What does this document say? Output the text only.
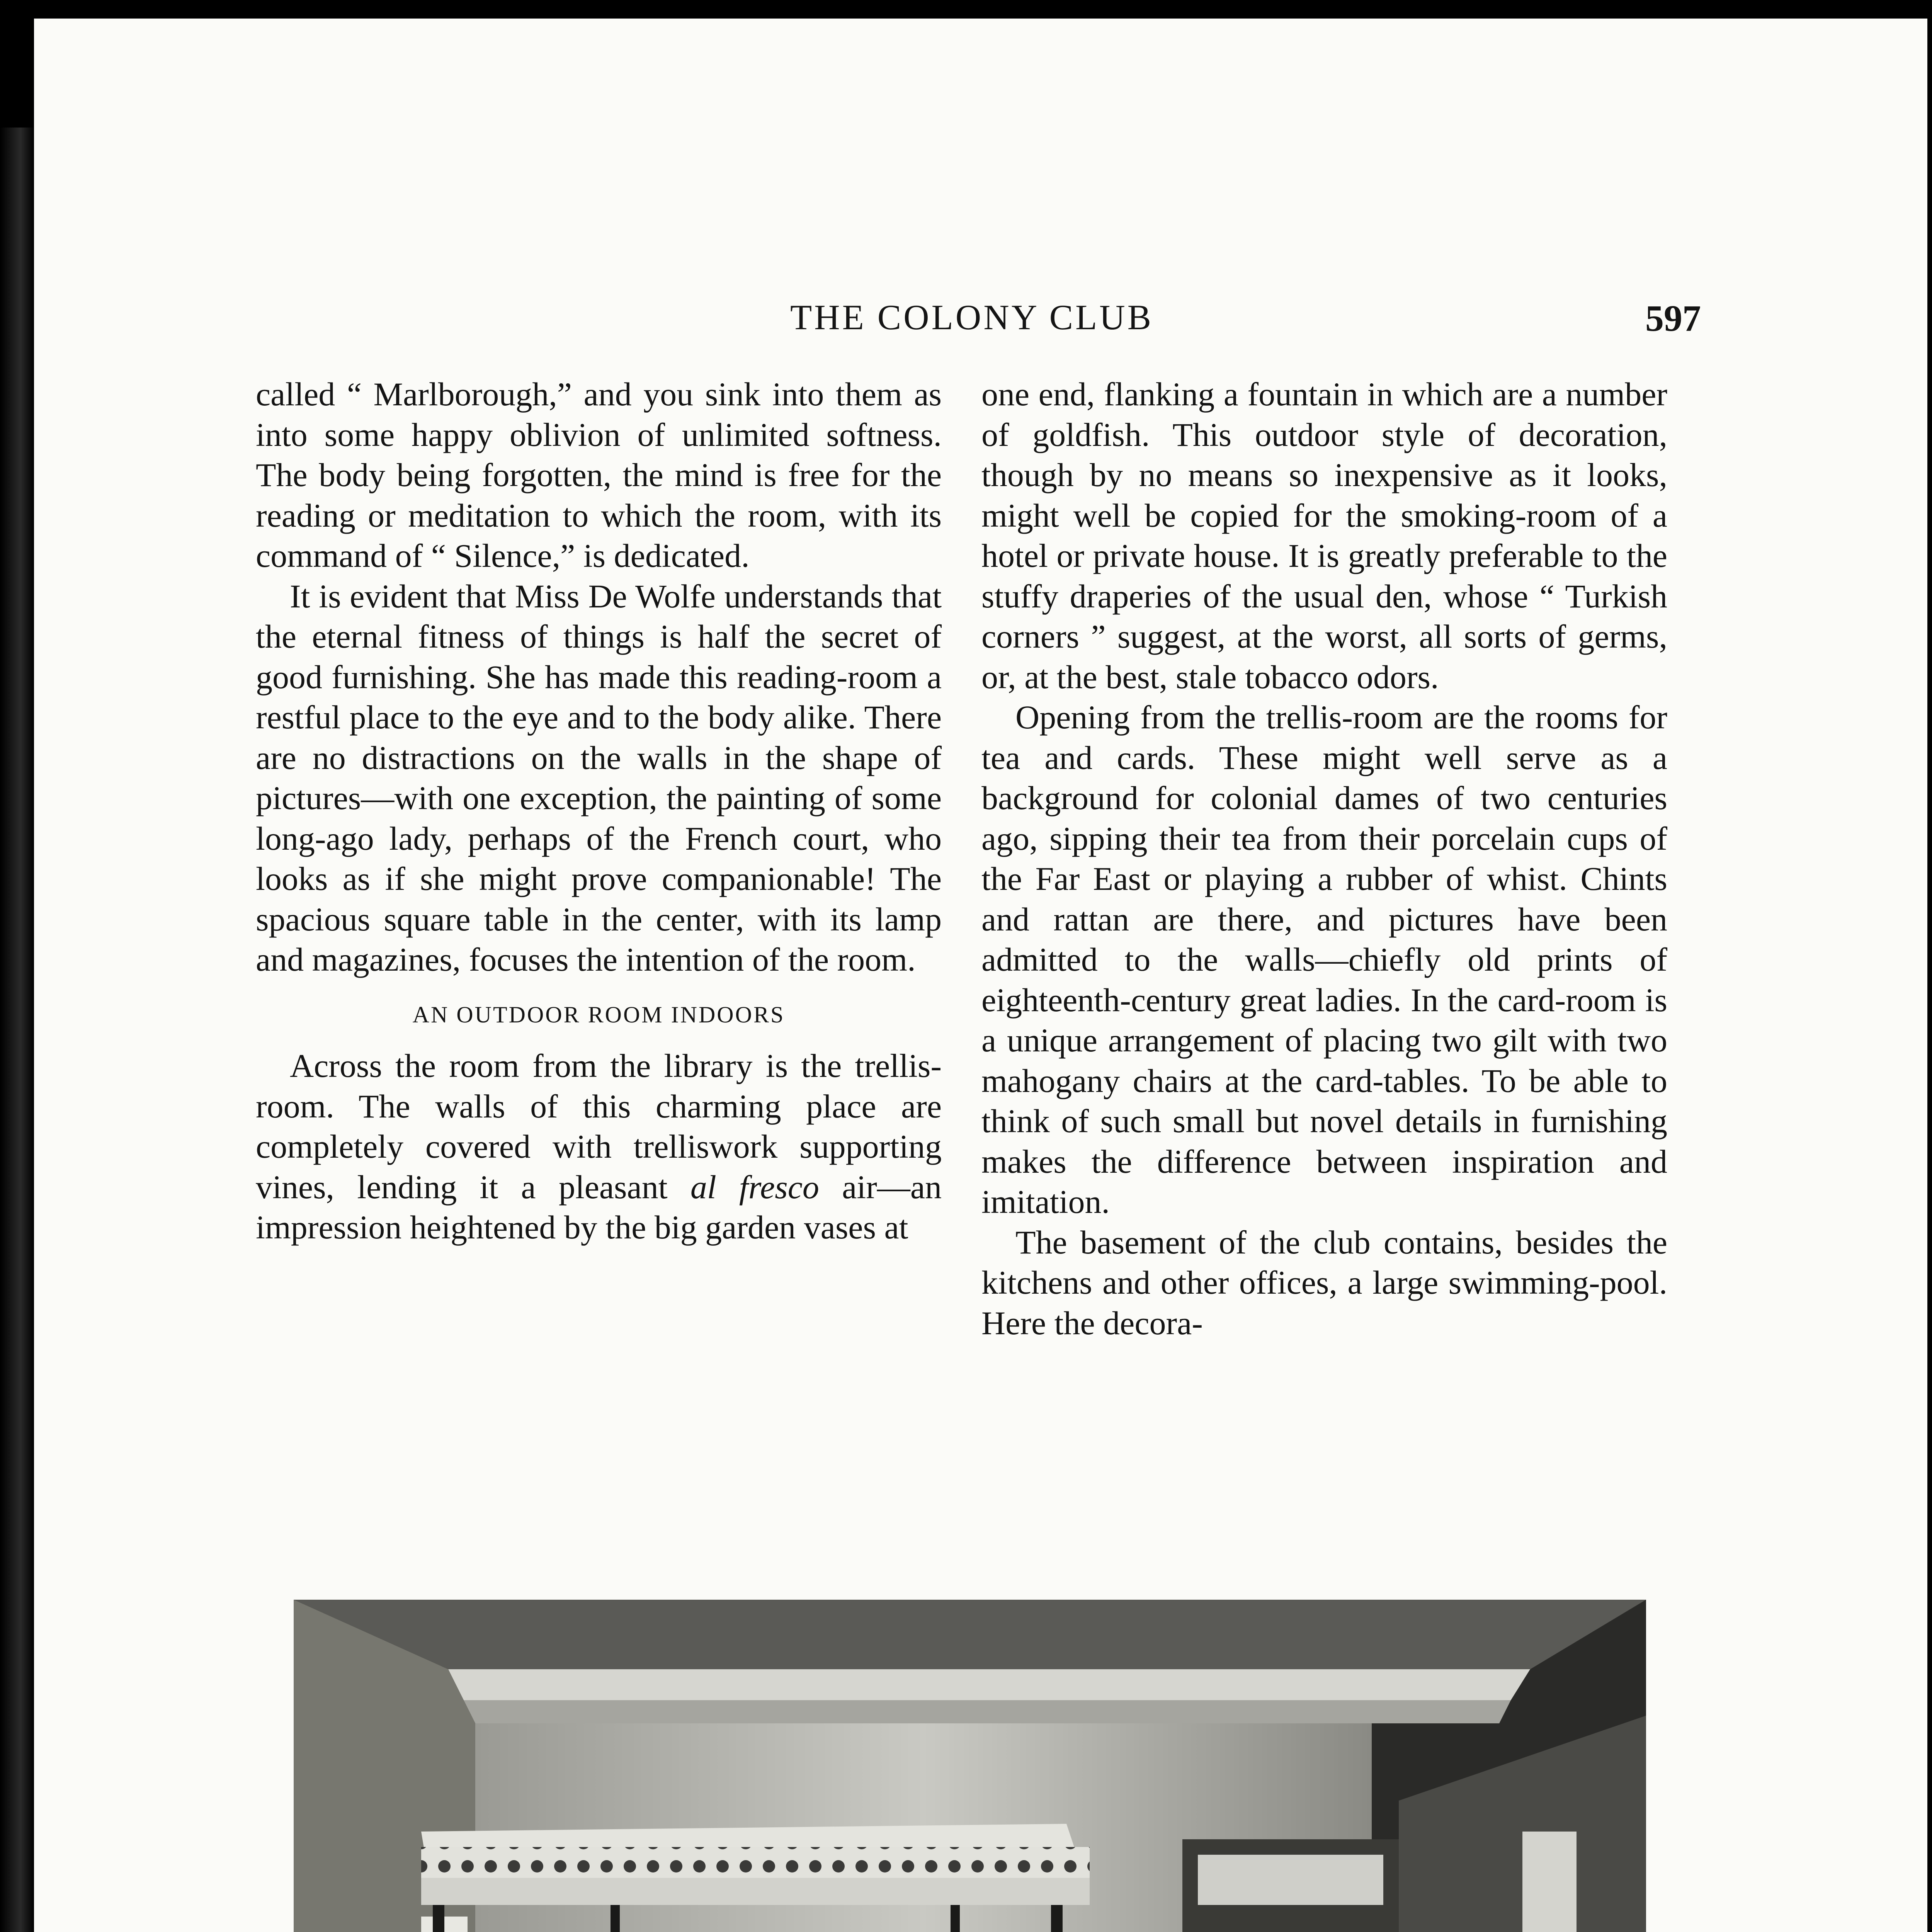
THE COLONY CLUB	597

called “ Marlborough,” and you sink into them as into some happy oblivion of unlimited softness. The body being forgotten, the mind is free for the reading or meditation to which the room, with its command of “ Silence,” is dedicated.

It is evident that Miss De Wolfe understands that the eternal fitness of things is half the secret of good furnishing. She has made this reading-room a restful place to the eye and to the body alike. There are no distractions on the walls in the shape of pictures—with one exception, the painting of some long-ago lady, perhaps of the French court, who looks as if she might prove companionable! The spacious square table in the center, with its lamp and magazines, focuses the intention of the room.

AN OUTDOOR ROOM INDOORS

Across the room from the library is the trellis-room. The walls of this charming place are completely covered with trelliswork supporting vines, lending it a pleasant al fresco air—an impression heightened by the big garden vases at

one end, flanking a fountain in which are a number of goldfish. This outdoor style of decoration, though by no means so inexpensive as it looks, might well be copied for the smoking-room of a hotel or private house. It is greatly preferable to the stuffy draperies of the usual den, whose “ Turkish corners ” suggest, at the worst, all sorts of germs, or, at the best, stale tobacco odors.

Opening from the trellis-room are the rooms for tea and cards. These might well serve as a background for colonial dames of two centuries ago, sipping their tea from their porcelain cups of the Far East or playing a rubber of whist. Chints and rattan are there, and pictures have been admitted to the walls—chiefly old prints of eighteenth-century great ladies. In the card-room is a unique arrangement of placing two gilt with two mahogany chairs at the card-tables. To be able to think of such small but novel details in furnishing makes the difference between inspiration and imitation.

The basement of the club contains, besides the kitchens and other offices, a large swimming-pool. Here the decora-
